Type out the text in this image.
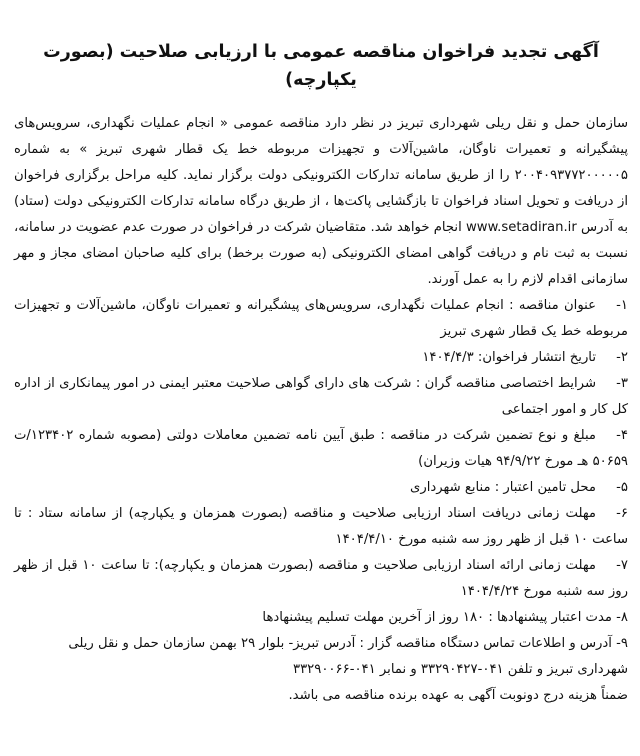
آگهی تجدید فراخوان مناقصه عمومی با ارزیابی صلاحیت (بصورت یکپارچه)

سازمان حمل و نقل ریلی شهرداری تبریز در نظر دارد مناقصه عمومی « انجام عملیات نگهداری، سرویس‌های پیشگیرانه و تعمیرات ناوگان، ماشین‌آلات و تجهیزات مربوطه خط یک قطار شهری تبریز » به شماره ۲۰۰۴۰۹۳۷۷۲۰۰۰۰۰۵ را از طریق سامانه تدارکات الکترونیکی دولت برگزار نماید. کلیه مراحل برگزاری فراخوان از دریافت و تحویل اسناد فراخوان تا بازگشایی پاکت‌ها ، از طریق درگاه سامانه تدارکات الکترونیکی دولت (ستاد) به آدرس www.setadiran.ir انجام خواهد شد. متقاضیان شرکت در فراخوان در صورت عدم عضویت در سامانه، نسبت به ثبت نام و دریافت گواهی امضای الکترونیکی (به صورت برخط) برای کلیه صاحبان امضای مجاز و مهر سازمانی اقدام لازم را به عمل آورند.

۱-عنوان مناقصه : انجام عملیات نگهداری، سرویس‌های پیشگیرانه و تعمیرات ناوگان، ماشین‌آلات و تجهیزات مربوطه خط یک قطار شهری تبریز

۲-تاریخ انتشار فراخوان: ۱۴۰۴/۴/۳

۳-شرایط اختصاصی مناقصه گران : شرکت های دارای گواهی صلاحیت معتبر ایمنی در امور پیمانکاری از اداره کل کار و امور اجتماعی

۴-مبلغ و نوع تضمین شرکت در مناقصه : طبق آیین نامه تضمین معاملات دولتی (مصوبه شماره ۱۲۳۴۰۲/ت ۵۰۶۵۹ هـ مورخ ۹۴/۹/۲۲ هیات وزیران)

۵-محل تامین اعتبار : منابع شهرداری

۶-مهلت زمانی دریافت اسناد ارزیابی صلاحیت و مناقصه (بصورت همزمان و یکپارچه) از سامانه ستاد : تا ساعت ۱۰ قبل از ظهر روز سه شنبه مورخ ۱۴۰۴/۴/۱۰

۷-مهلت زمانی ارائه اسناد ارزیابی صلاحیت و مناقصه (بصورت همزمان و یکپارچه): تا ساعت ۱۰ قبل از ظهر روز سه شنبه مورخ ۱۴۰۴/۴/۲۴

۸- مدت اعتبار پیشنهادها : ۱۸۰ روز از آخرین مهلت تسلیم پیشنهادها

۹- آدرس و اطلاعات تماس دستگاه مناقصه گزار : آدرس تبریز- بلوار ۲۹ بهمن سازمان حمل و نقل ریلی شهرداری تبریز و تلفن ۰۴۱-۳۳۲۹۰۴۲۷ و نمابر ۰۴۱-۳۳۲۹۰۰۶۶

ضمناً هزینه درج دونوبت آگهی به عهده برنده مناقصه می باشد.
